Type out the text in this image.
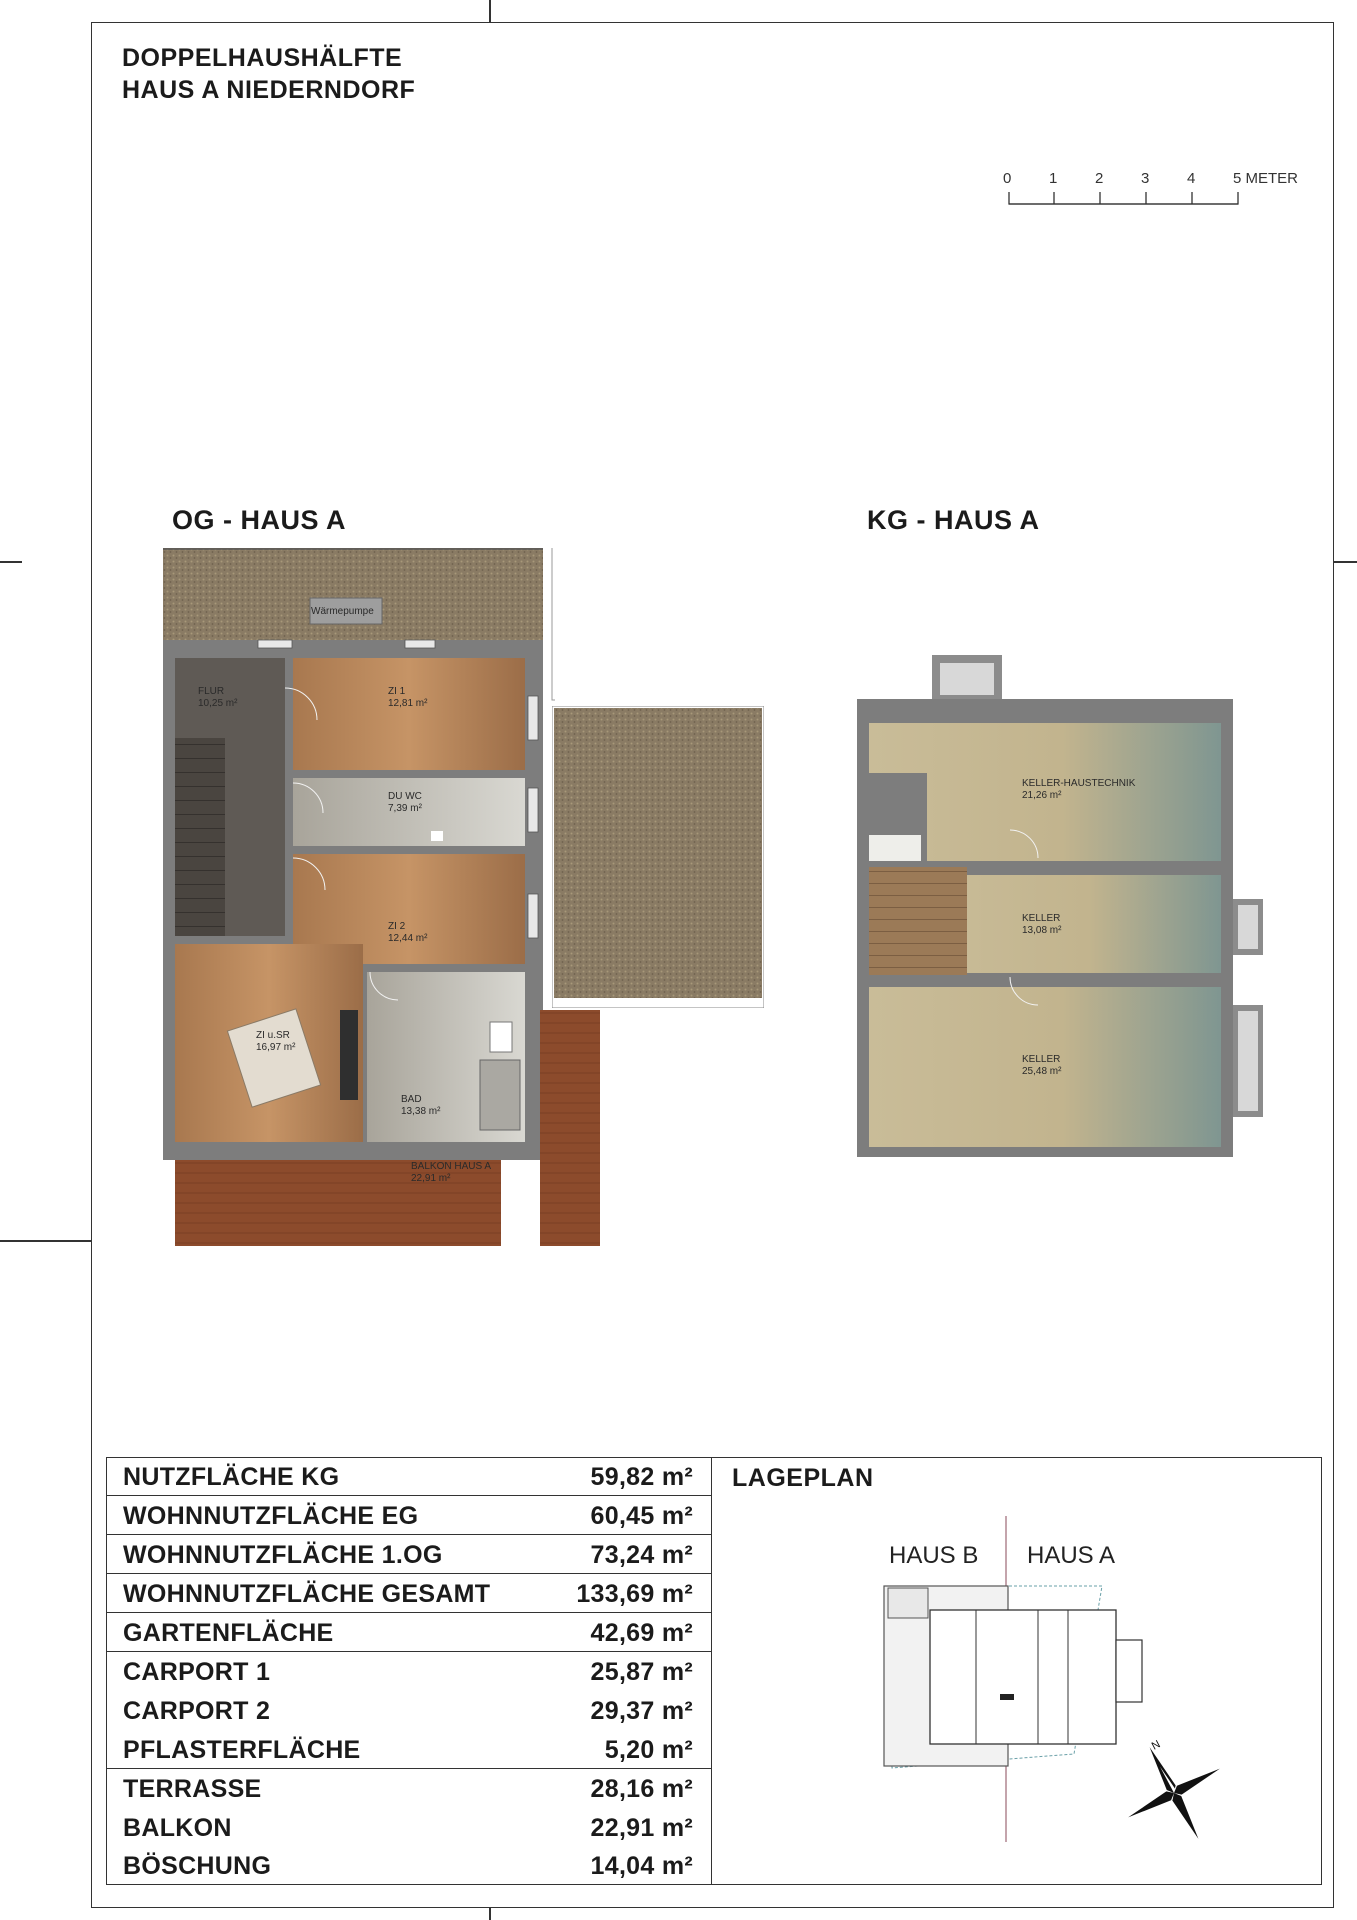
DOPPELHAUSHÄLFTE
HAUS A NIEDERNDORF
0	1	2	3	4	5 METER
OG - HAUS A
FLUR
10,25 m²
ZI 1
12,81 m²
DU WC
7,39 m²
ZI 2
12,44 m²
ZI u.SR
16,97 m²
BAD
13,38 m²
BALKON HAUS A
22,91 m²
Wärmepumpe
KG - HAUS A
KELLER-HAUSTECHNIK
21,26 m²
KELLER
13,08 m²
KELLER
25,48 m²
NUTZFLÄCHE KG	59,82 m²
WOHNNUTZFLÄCHE EG	60,45 m²
WOHNNUTZFLÄCHE 1.OG	73,24 m²
WOHNNUTZFLÄCHE GESAMT	133,69 m²
GARTENFLÄCHE	42,69 m²
CARPORT 1	25,87 m²
CARPORT 2	29,37 m²
PFLASTERFLÄCHE	5,20 m²
TERRASSE	28,16 m²
BALKON	22,91 m²
BÖSCHUNG	14,04 m²
LAGEPLAN
HAUS B HAUS A
N
